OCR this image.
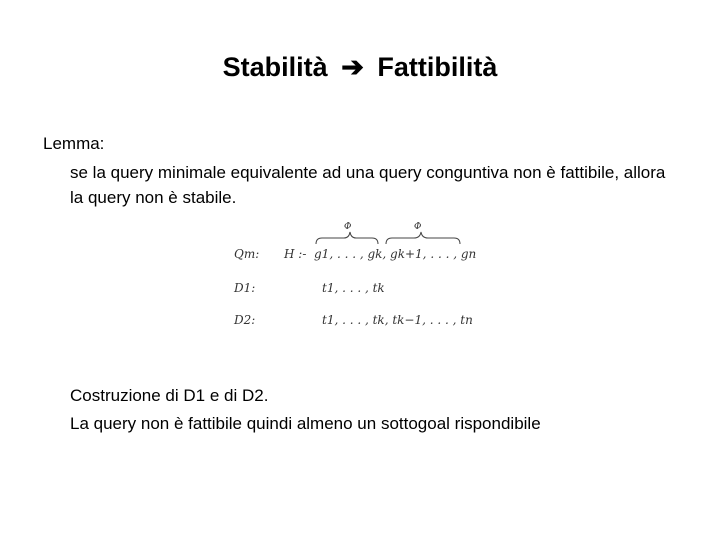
Stabilità ➔ Fattibilità
Lemma:
se la query minimale equivalente ad una query conguntiva non è fattibile, allora la query non è stabile.
Φ	Φ
Qm: H :- g1, . . . , gk, gk+1, . . . , gn
D1:	t1, . . . , tk
D2:	t1, . . . , tk, tk−1, . . . , tn
Costruzione di D1 e di D2.
La query non è fattibile quindi almeno un sottogoal rispondibile
